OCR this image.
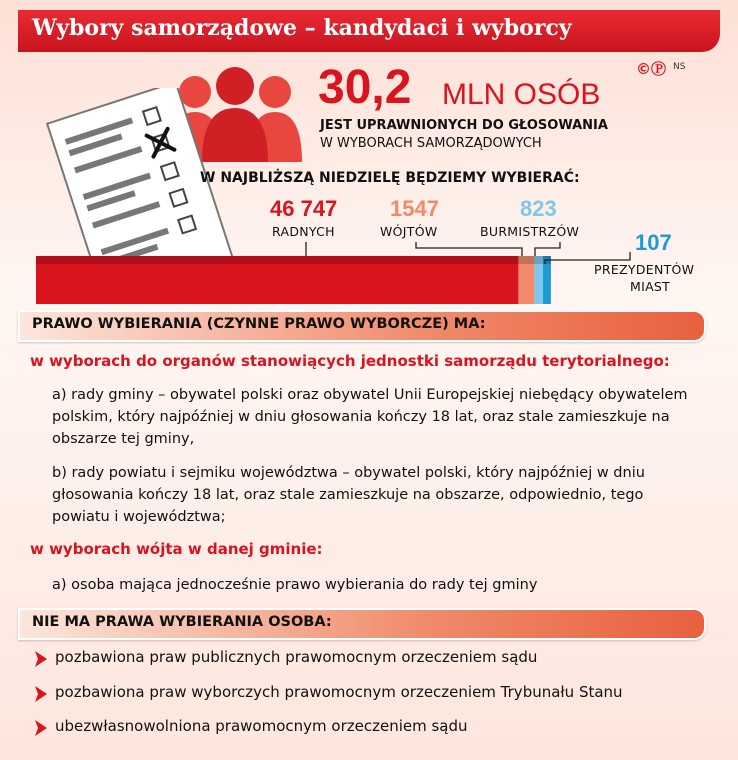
Wybory samorządowe – kandydaci i wyborcy
©Ⓟ NS
30,2 MLN OSÓB
JEST UPRAWNIONYCH DO GŁOSOWANIA
W WYBORACH SAMORZĄDOWYCH
W NAJBLIŻSZĄ NIEDZIELĘ BĘDZIEMY WYBIERAĆ:
46 747
RADNYCH
1547
WÓJTÓW
823
BURMISTRZÓW	107
PREZYDENTÓW
MIAST
PRAWO WYBIERANIA (CZYNNE PRAWO WYBORCZE) MA:
w wyborach do organów stanowiących jednostki samorządu terytorialnego:
a) rady gminy – obywatel polski oraz obywatel Unii Europejskiej niebędący obywatelem polskim, który najpóźniej w dniu głosowania kończy 18 lat, oraz stale zamieszkuje na obszarze tej gminy,
b) rady powiatu i sejmiku województwa – obywatel polski, który najpóźniej w dniu głosowania kończy 18 lat, oraz stale zamieszkuje na obszarze, odpowiednio, tego powiatu i województwa;
w wyborach wójta w danej gminie:
a) osoba mająca jednocześnie prawo wybierania do rady tej gminy
NIE MA PRAWA WYBIERANIA OSOBA:
pozbawiona praw publicznych prawomocnym orzeczeniem sądu
pozbawiona praw wyborczych prawomocnym orzeczeniem Trybunału Stanu
ubezwłasnowolniona prawomocnym orzeczeniem sądu
